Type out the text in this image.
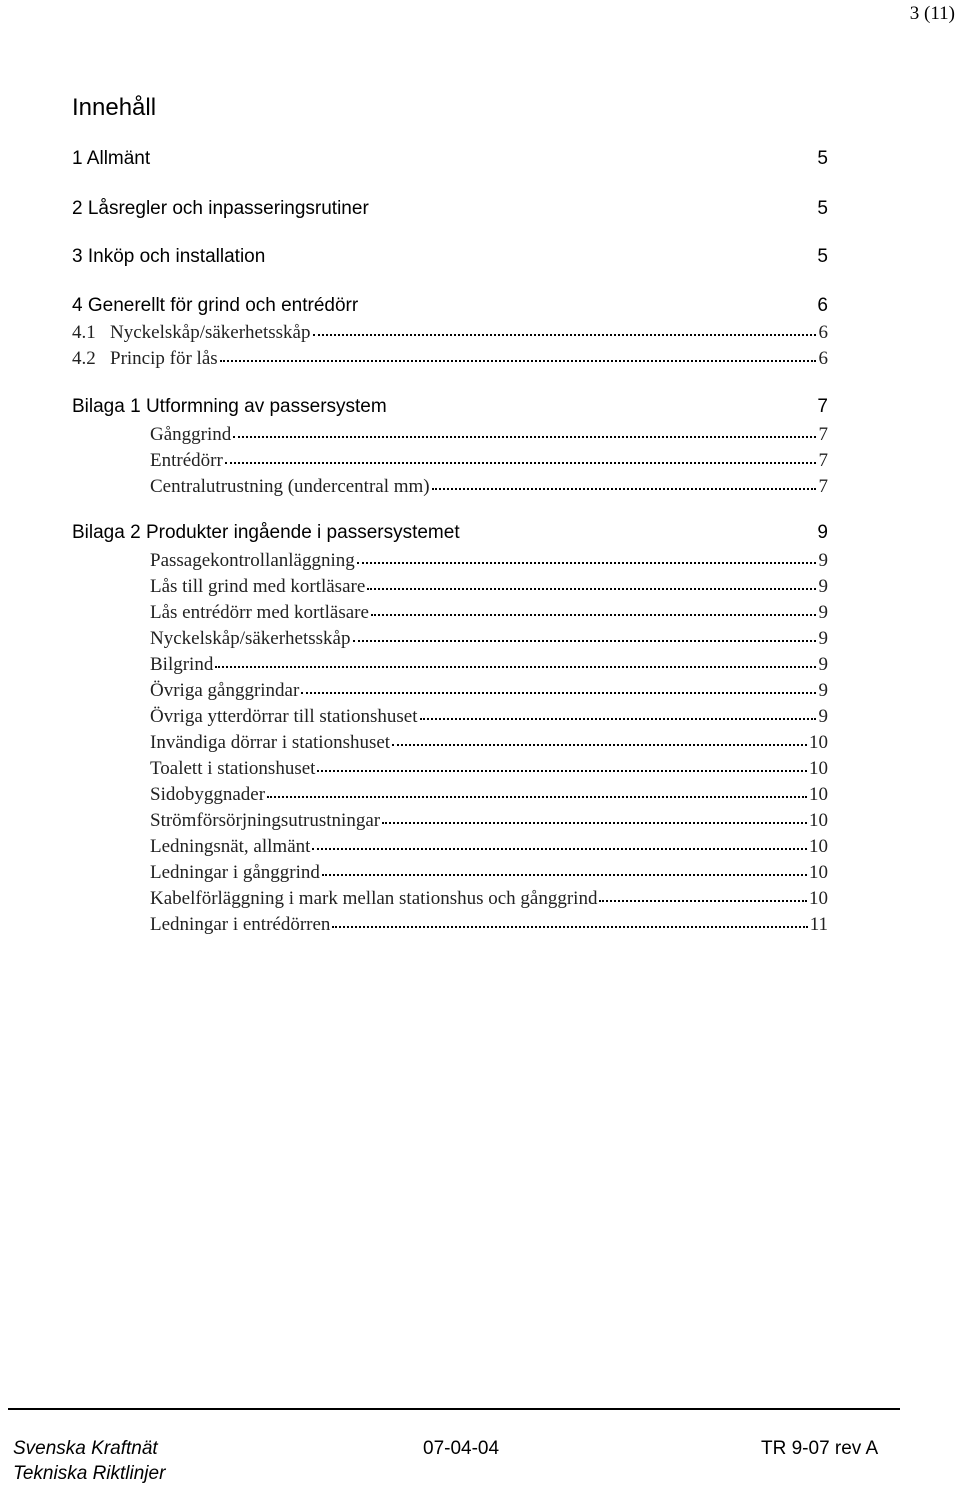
3 (11)
Innehåll
1 Allmänt	5
2 Låsregler och inpasseringsrutiner	5
3 Inköp och installation	5
4 Generellt för grind och entrédörr	6
4.1 Nyckelskåp/säkerhetsskåp	6
4.2 Princip för lås	6
Bilaga 1 Utformning av passersystem	7
Gånggrind	7
Entrédörr	7
Centralutrustning (undercentral mm)	7
Bilaga 2 Produkter ingående i passersystemet	9
Passagekontrollanläggning	9
Lås till grind med kortläsare	9
Lås entrédörr med kortläsare	9
Nyckelskåp/säkerhetsskåp	9
Bilgrind	9
Övriga gånggrindar	9
Övriga ytterdörrar till stationshuset	9
Invändiga dörrar i stationshuset	10
Toalett i stationshuset	10
Sidobyggnader	10
Strömförsörjningsutrustningar	10
Ledningsnät, allmänt	10
Ledningar i gånggrind	10
Kabelförläggning i mark mellan stationshus och gånggrind	10
Ledningar i entrédörren	11
Svenska Kraftnät
Tekniska Riktlinjer
07-04-04	TR 9-07 rev A
